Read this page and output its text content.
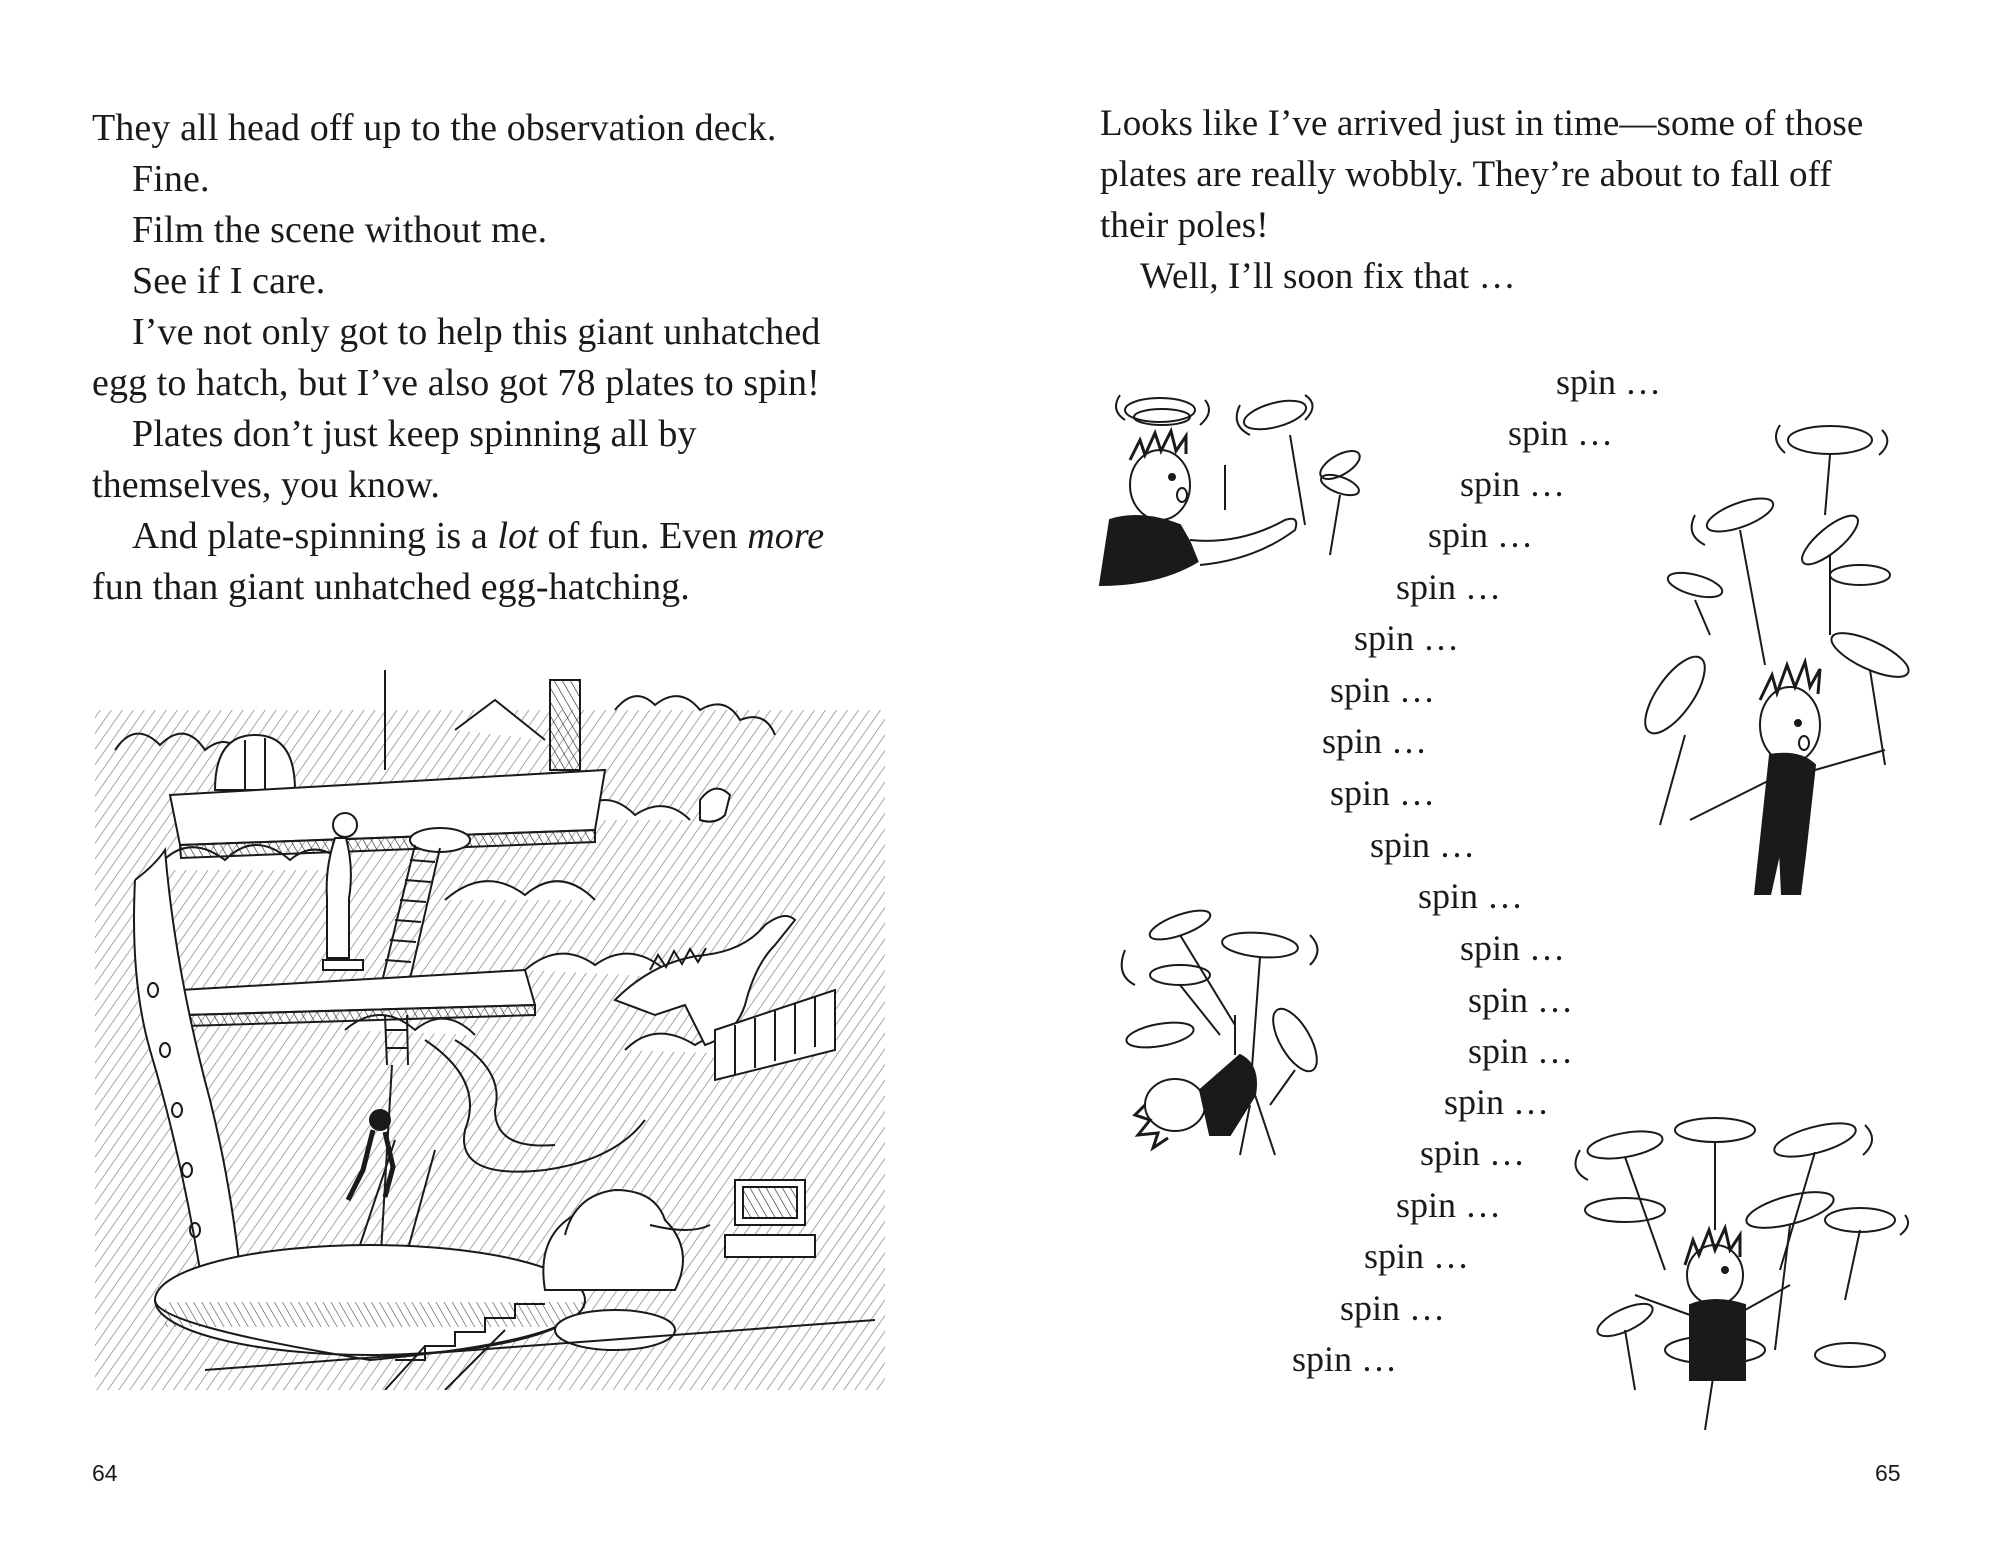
They all head off up to the observation deck.

Fine.

Film the scene without me.

See if I care.

I’ve not only got to help this giant unhatched
egg to hatch, but I’ve also got 78 plates to spin!
Plates don’t just keep spinning all by
themselves, you know.
And plate-spinning is a lot of fun. Even more
fun than giant unhatched egg-hatching.
64
Looks like I’ve arrived just in time—some of those
plates are really wobbly. They’re about to fall off
their poles!
Well, I’ll soon fix that …
spin …
spin …
spin …
spin …
spin …
spin …
spin …
spin …
spin …
spin …
spin …
spin …
spin …
spin …
spin …
spin …
spin …
spin …
spin …
spin …
65
